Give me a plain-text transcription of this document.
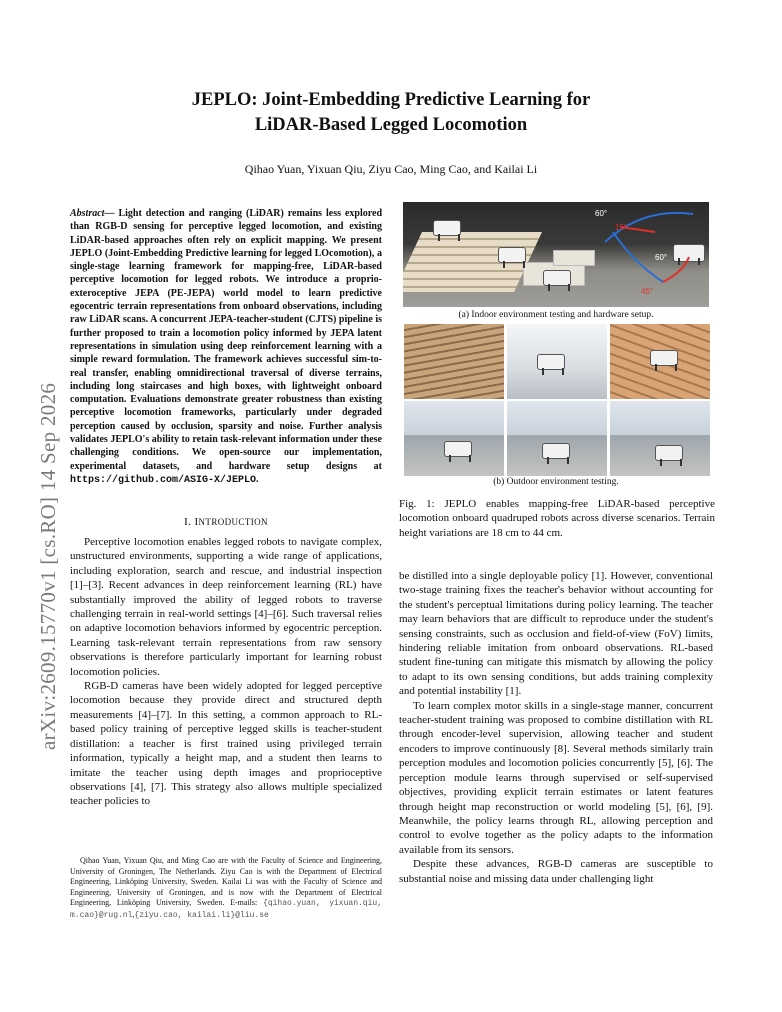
JEPLO: Joint-Embedding Predictive Learning for
LiDAR-Based Legged Locomotion
Qihao Yuan, Yixuan Qiu, Ziyu Cao, Ming Cao, and Kailai Li
arXiv:2609.15770v1 [cs.RO] 14 Sep 2026
Abstract— Light detection and ranging (LiDAR) remains less explored than RGB-D sensing for perceptive legged locomotion, and existing LiDAR-based approaches often rely on explicit mapping. We present JEPLO (Joint-Embedding Predictive learning for legged LOcomotion), a single-stage learning framework for mapping-free, LiDAR-based perceptive locomotion for legged robots. We introduce a proprio-exteroceptive JEPA (PE-JEPA) world model to learn predictive egocentric terrain representations from onboard observations, including raw LiDAR scans. A concurrent JEPA-teacher-student (CJTS) pipeline is further proposed to train a locomotion policy informed by JEPA latent representations in simulation using deep reinforcement learning with a simple reward formulation. The framework achieves successful sim-to-real transfer, enabling omnidirectional traversal of diverse terrains, including long staircases and high boxes, with lightweight onboard computation. Evaluations demonstrate greater robustness than existing perceptive locomotion frameworks, particularly under degraded perception caused by occlusion, sparsity and noise. Further analysis validates JEPLO's ability to retain task-relevant information under these challenging conditions. We open-source our implementation, experimental datasets, and hardware setup designs at https://github.com/ASIG-X/JEPLO.
I. INTRODUCTION

Perceptive locomotion enables legged robots to navigate complex, unstructured environments, supporting a wide range of applications, including exploration, search and rescue, and industrial inspection [1]–[3]. Recent advances in deep reinforcement learning (RL) have substantially improved the ability of legged robots to traverse challenging terrain in real-world settings [4]–[6]. Such traversal relies on adaptive locomotion behaviors informed by egocentric perception. Learning task-relevant terrain representations from raw sensory observations is therefore particularly important for learning robust locomotion policies.

RGB-D cameras have been widely adopted for legged perceptive locomotion because they provide direct and structured depth measurements [4]–[7]. In this setting, a common approach to RL-based policy training of perceptive legged skills is teacher-student distillation: a teacher is first trained using privileged terrain information, typically a height map, and a student then learns to imitate the teacher using depth images and proprioceptive observations [4], [7]. This strategy also allows multiple specialized teacher policies to

Qihao Yuan, Yixuan Qiu, and Ming Cao are with the Faculty of Science and Engineering, University of Groningen, The Netherlands. Ziyu Cao is with the Department of Electrical Engineering, Linköping University, Sweden. Kailai Li was with the Faculty of Science and Engineering, University of Groningen, and is now with the Department of Electrical Engineering, Linköping University, Sweden. E-mails: {qihao.yuan, yixuan.qiu, m.cao}@rug.nl,{ziyu.cao, kailai.li}@liu.se
60°
15°
60°
45°
(a) Indoor environment testing and hardware setup.
(b) Outdoor environment testing.
Fig. 1: JEPLO enables mapping-free LiDAR-based perceptive locomotion onboard quadruped robots across diverse scenarios. Terrain height variations are 18 cm to 44 cm.

be distilled into a single deployable policy [1]. However, conventional two-stage training fixes the teacher's behavior without accounting for the student's perceptual limitations during policy learning. The teacher may learn behaviors that are difficult to reproduce under the student's sensing constraints, such as occlusion and field-of-view (FoV) limits, hindering reliable imitation from onboard observations. RL-based student fine-tuning can mitigate this mismatch by allowing the policy to adapt to its own sensing conditions, but adds training complexity and potential instability [1].

To learn complex motor skills in a single-stage manner, concurrent teacher-student training was proposed to combine distillation with RL through encoder-level supervision, allowing teacher and student encoders to improve continuously [8]. Several methods similarly train perception modules and locomotion policies concurrently [5], [6]. The perception module learns through supervised or self-supervised objectives, providing explicit terrain estimates or latent features through height map reconstruction or world modeling [5], [6], [9]. Meanwhile, the policy learns through RL, allowing perception and control to evolve together as the policy adapts to the information available from its sensors.

Despite these advances, RGB-D cameras are susceptible to substantial noise and missing data under challenging light
